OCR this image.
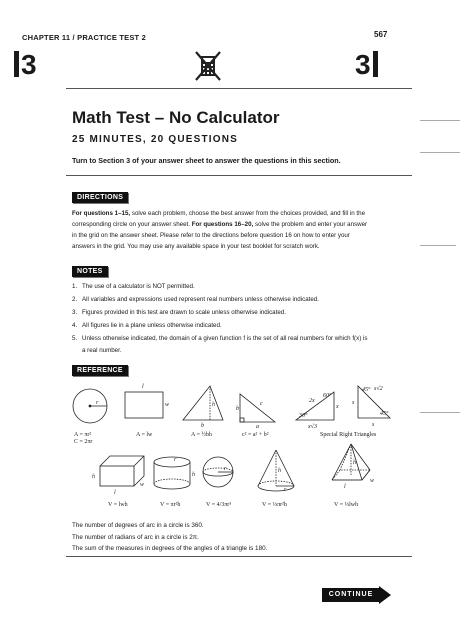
CHAPTER 11 / PRACTICE TEST 2	567
3	3
Math Test – No Calculator
25 MINUTES, 20 QUESTIONS
Turn to Section 3 of your answer sheet to answer the questions in this section.
DIRECTIONS
For questions 1–15, solve each problem, choose the best answer from the choices provided, and fill in the corresponding circle on your answer sheet. For questions 16–20, solve the problem and enter your answer in the grid on the answer sheet. Please refer to the directions before question 16 on how to enter your answers in the grid. You may use any available space in your test booklet for scratch work.
NOTES
1. The use of a calculator is NOT permitted.
2. All variables and expressions used represent real numbers unless otherwise indicated.
3. Figures provided in this test are drawn to scale unless otherwise indicated.
4. All figures lie in a plane unless otherwise indicated.
5. Unless otherwise indicated, the domain of a given function f is the set of all real numbers for which f(x) is a real number.
REFERENCE
r
l
w	h
b
b
a
c	2x
x
x√3
30°
60°
s
s
s√2
45°
45°
l
w
h	h
r
r	h
r
h
l
w
A = πr²
C = 2πr
A = lw	A = ½bh	c² = a² + b²	Special Right Triangles
V = lwh	V = πr²h	V = 4/3πr³	V = ⅓πr²h	V = ⅓lwh
The number of degrees of arc in a circle is 360.
The number of radians of arc in a circle is 2π.
The sum of the measures in degrees of the angles of a triangle is 180.
CONTINUE
